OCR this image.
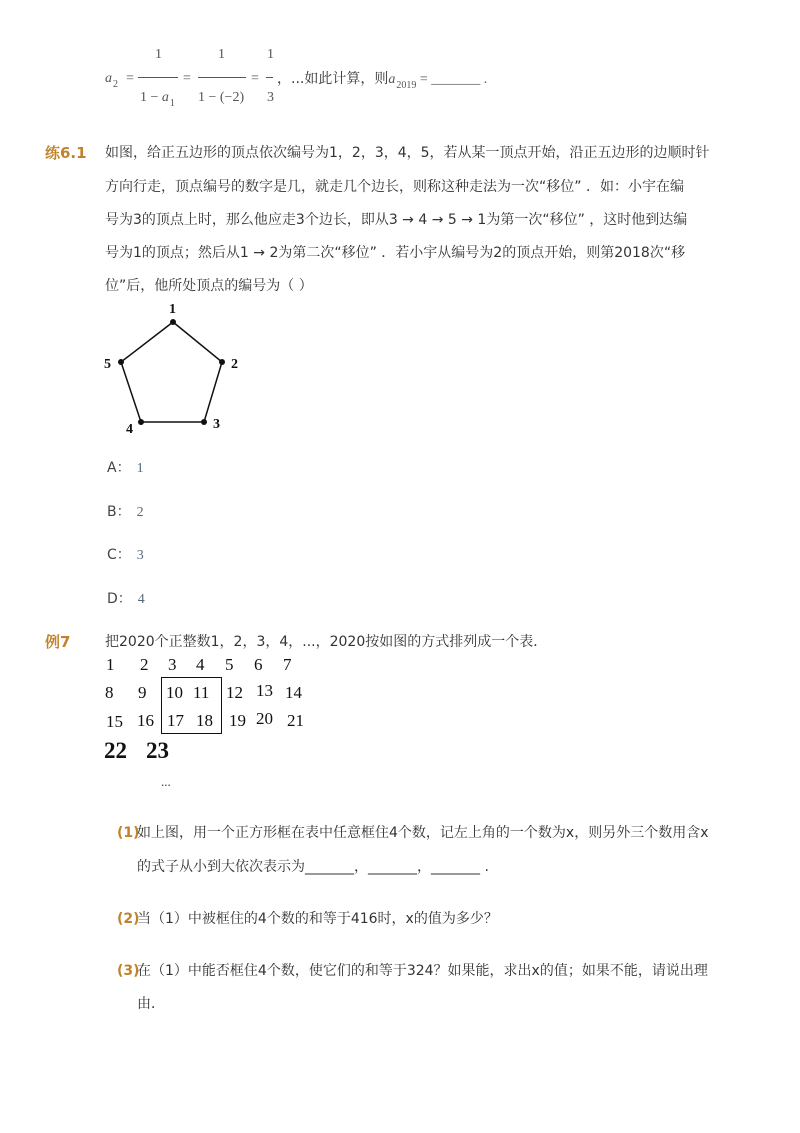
$a_2$ =
1
$1 - a_1$
=
1
1 − (−2)
=
1
3
，...如此计算，则 a 2019 = _______ .
练6.1 如图，给正五边形的顶点依次编号为1，2，3，4，5，若从某一顶点开始，沿正五边形的边顺时针
方向行走，顶点编号的数字是几，就走几个边长，则称这种走法为一次“移位” ．如：小宇在编
号为3的顶点上时，那么他应走3个边长，即从3 → 4 → 5 → 1为第一次“移位” ，这时他到达编
号为1的顶点；然后从1 → 2为第二次“移位” ．若小宇从编号为2的顶点开始，则第2018次“移
位”后，他所处顶点的编号为（ ）
1
2
3
4
5
A： 1
B： 2
C： 3
D： 4
例7 把2020个正整数1，2，3，4，...，2020按如图的方式排列成一个表．
1 2 3 4 5 6 7
8 9 10 11 12 13 14
15 16 17 18 19 20 21
22 23
...
(1)
如上图，用一个正方形框在表中任意框住4个数，记左上角的一个数为x，则另外三个数用含x
的式子从小到大依次表示为_______，_______，_______ .
(2)
当（1）中被框住的4个数的和等于416时，x的值为多少？
(3)
在（1）中能否框住4个数，使它们的和等于324？如果能，求出x的值；如果不能，请说出理
由．
